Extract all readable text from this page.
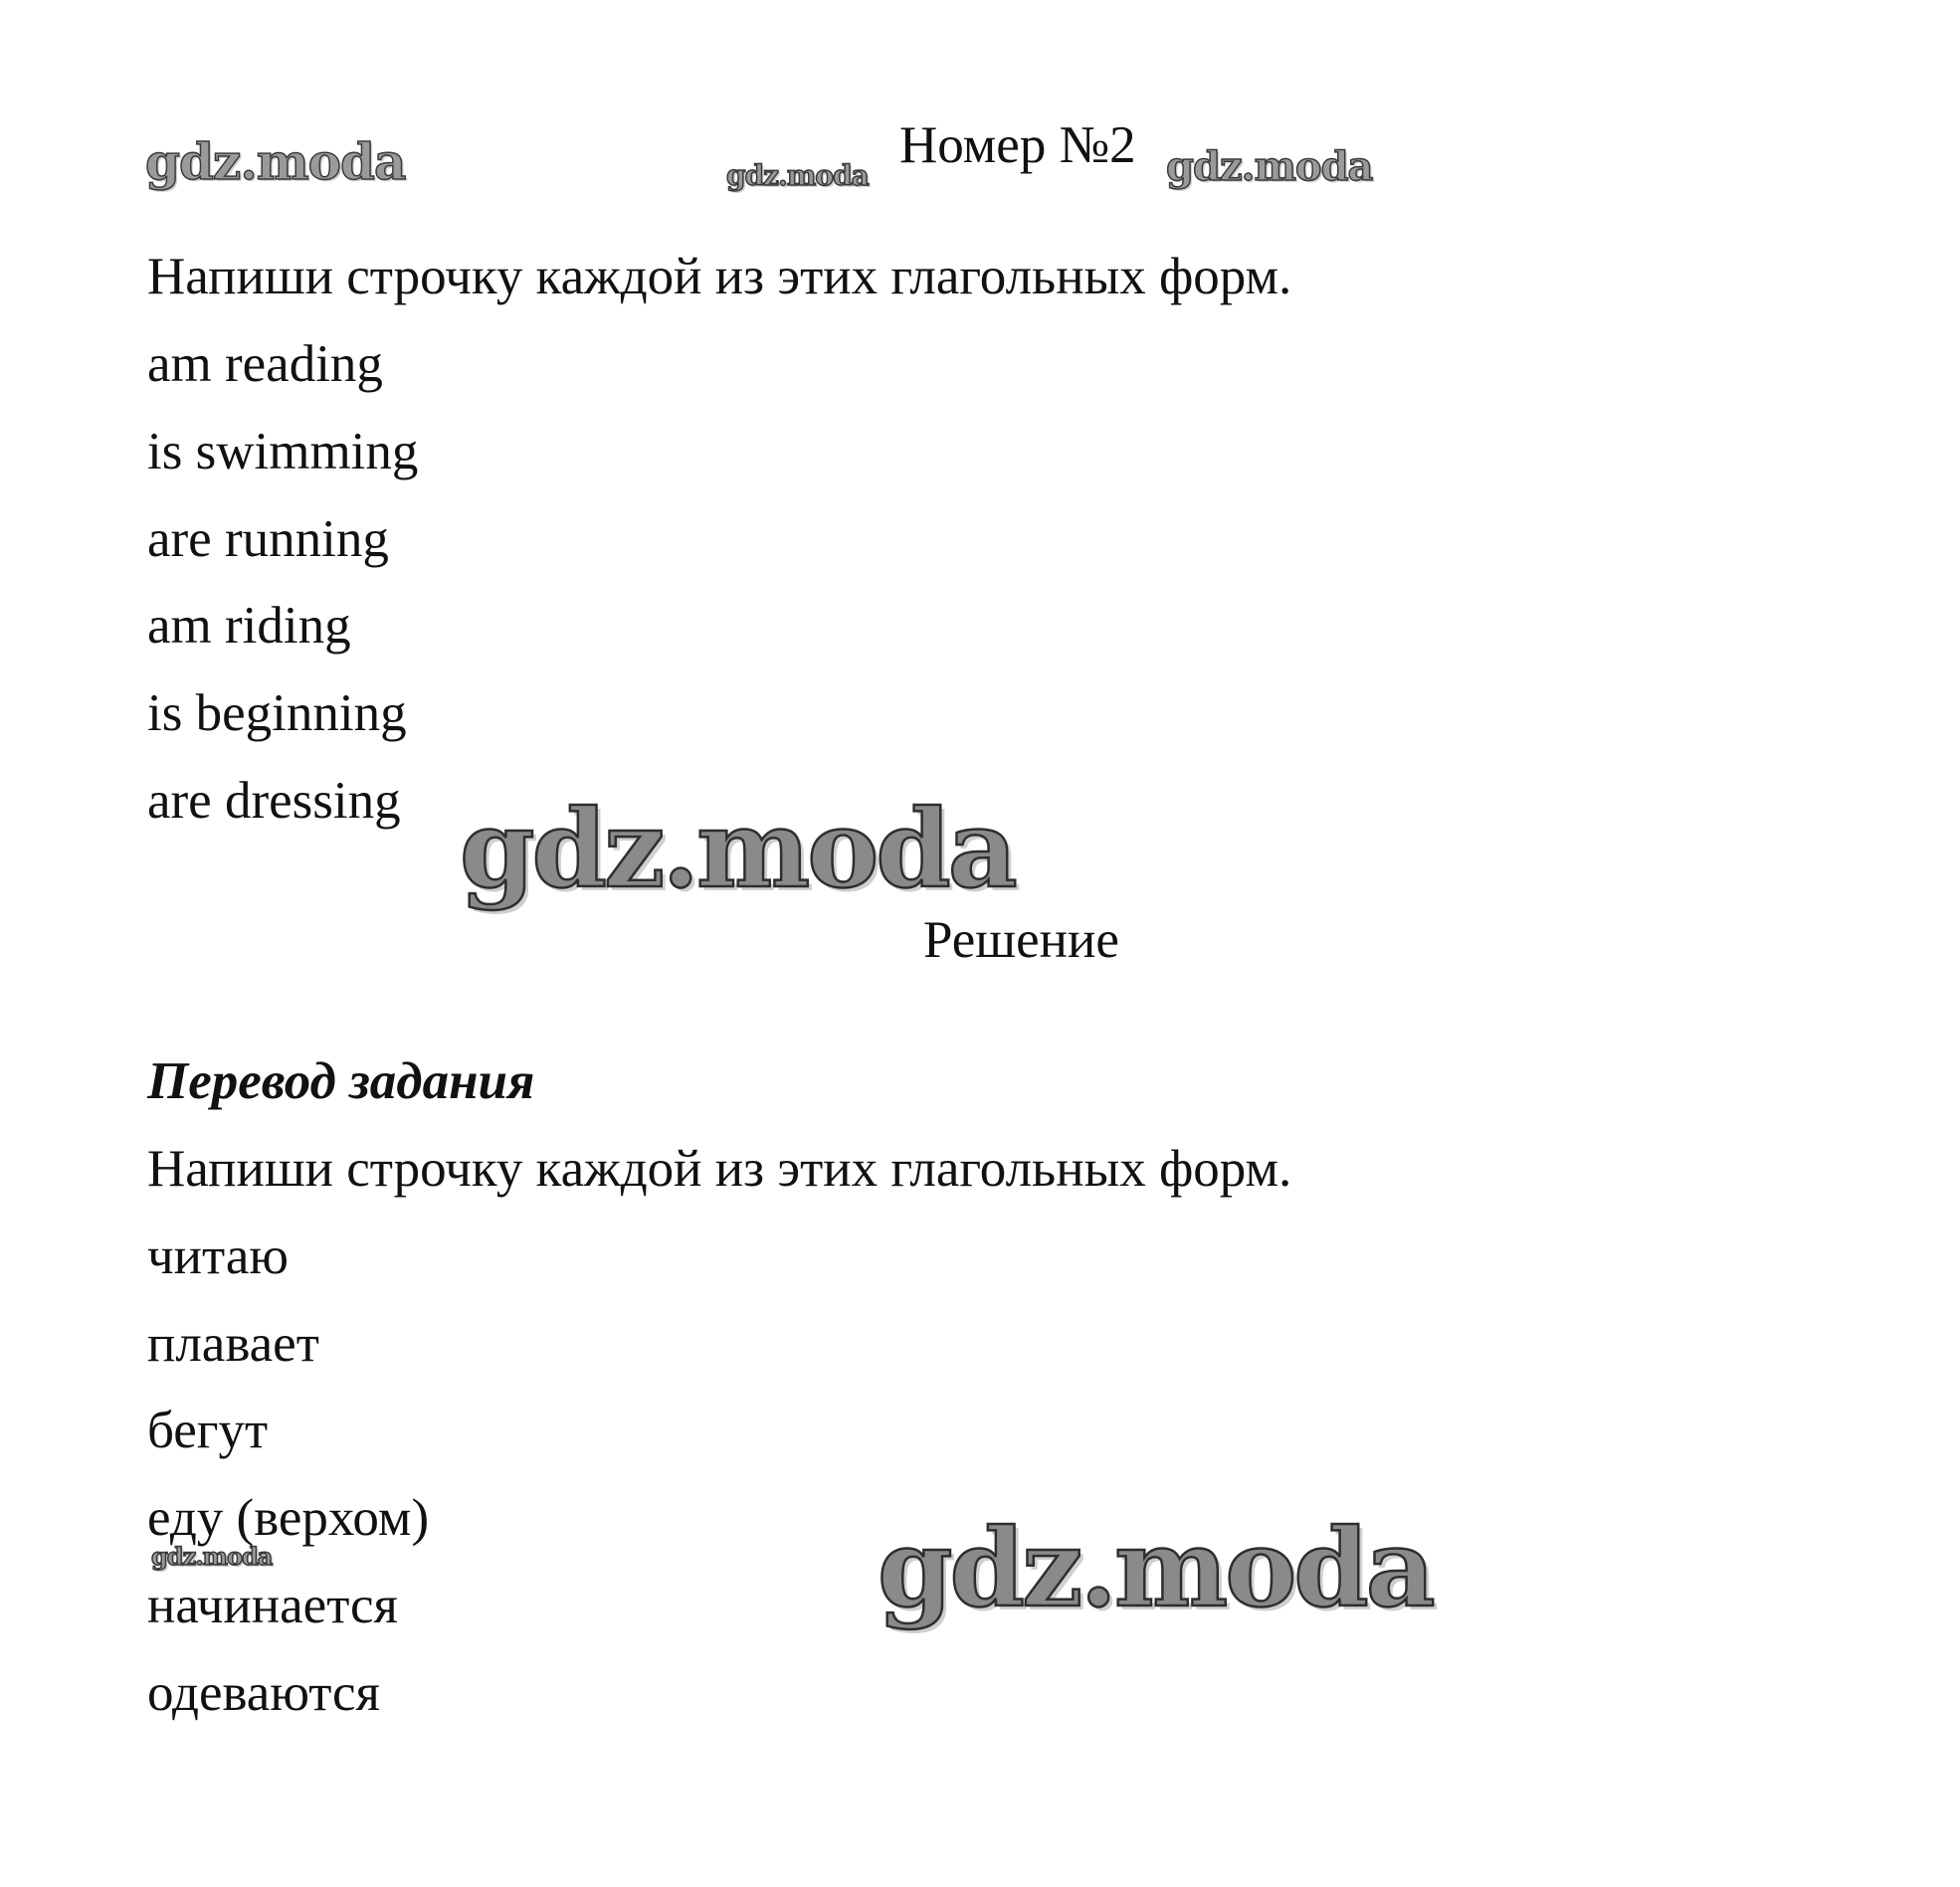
gdz.moda	gdz.moda	gdz.moda
gdz.moda
gdz.moda	gdz.moda
Номер №2
Напиши строчку каждой из этих глагольных форм.
am reading
is swimming
are running
am riding
is beginning
are dressing
Решение
Перевод задания
Напиши строчку каждой из этих глагольных форм.
читаю
плавает
бегут
еду (верхом)
начинается
одеваются
